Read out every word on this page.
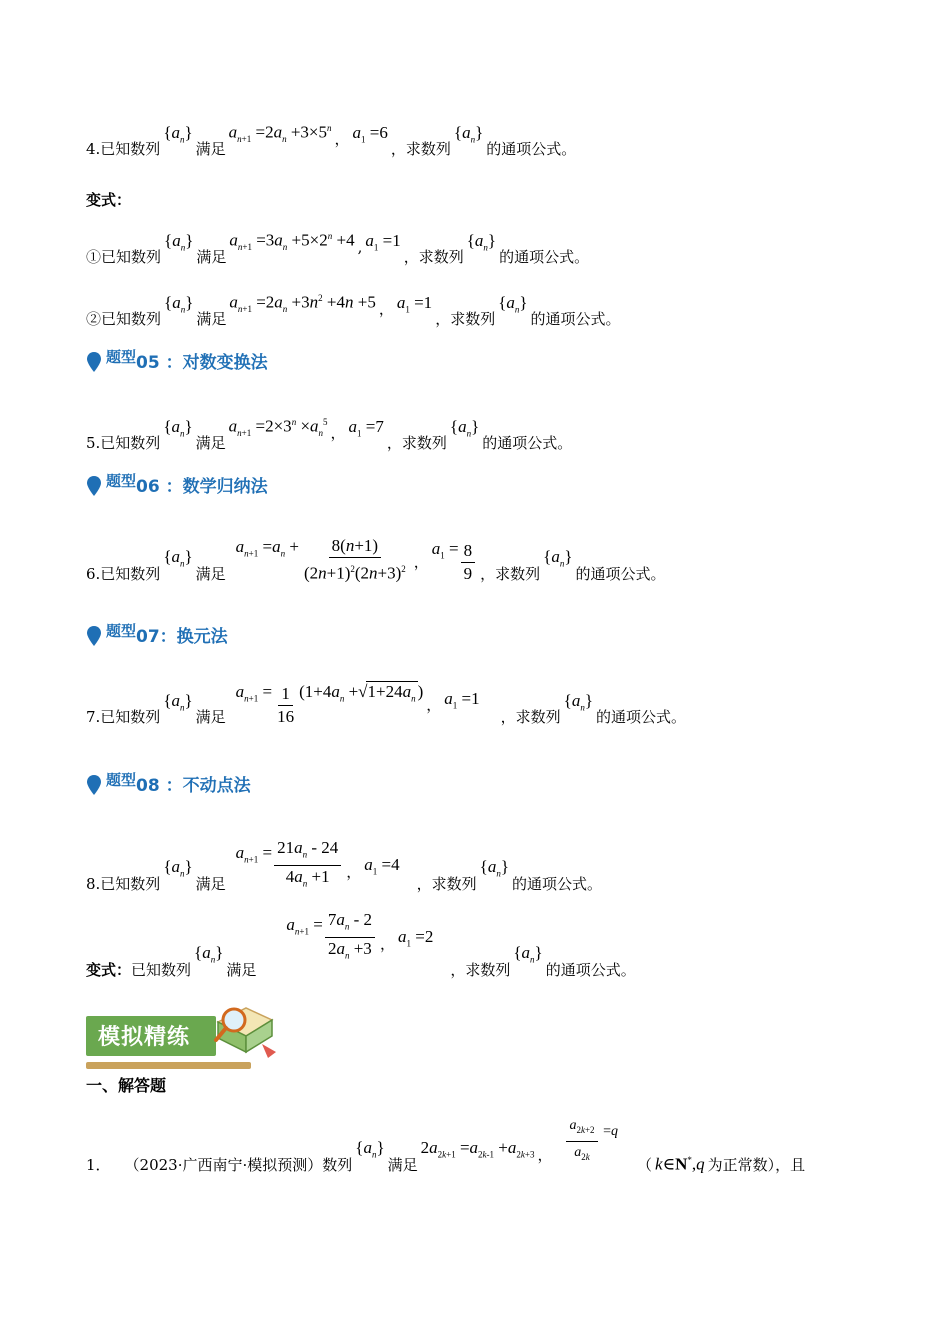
4.已知数列
$\{a_n\}$
满足
$a_{n+1} =2a_n +3\times 5^n$
， $a_1 =6$
，求数列
$\{a_n\}$
的通项公式。
变式：
①已知数列
$\{a_n\}$
满足
$a_{n+1} =3a_n +5\times 2^n +4$ , $a_1 =1$
，求数列
$\{a_n\}$
的通项公式。
②已知数列
$\{a_n\}$
满足
$a_{n+1} =2a_n +3n^2 +4n +5$ ， $a_1 =1$
，求数列
$\{a_n\}$
的通项公式。
题型 05 ：对数变换法
5.已知数列
$\{a_n\}$
满足
$a_{n+1} =2\times 3^n \times a_n^5$
， $a_1 =7$
，求数列
$\{a_n\}$
的通项公式。
题型 06 ：数学归纳法
6.已知数列
$\{a_n\}$
满足
$a_{n+1} =a_n + \frac{8(n+1)}{(2n+1)^2(2n+3)^2}$ ，
$a_1 = \frac{8}{9}$ ，求数列
$\{a_n\}$
的通项公式。
题型 07：换元法
7.已知数列
$\{a_n\}$
满足
$a_{n+1} = \frac{1}{16} (1+4a_n +√1+24a_n$ )
， $a_1 =1$
，求数列
$\{a_n\}$
的通项公式。
题型 08 ：不动点法
8.已知数列
$\{a_n\}$
满足
$a_{n+1} = \frac{21a_n - 24}{4a_n +1}$ ， $a_1 =4$
，求数列
$\{a_n\}$
的通项公式。
变式： 已知数列
$\{a_n\}$
满足
$a_{n+1} = \frac{7a_n - 2}{2a_n +3}$ ， $a_1 =2$
，求数列
$\{a_n\}$
的通项公式。
模拟精练
一、解答题
1． （2023·广西南宁·模拟预测）数列
$\{a_n\}$
满足
$2a_{2k+1} =a_{2k-1} +a_{2k+3}$ ， $\frac{a_{2k+2}}{a_{2k}} =q$
（ k∈N*,q 为正常数），且
